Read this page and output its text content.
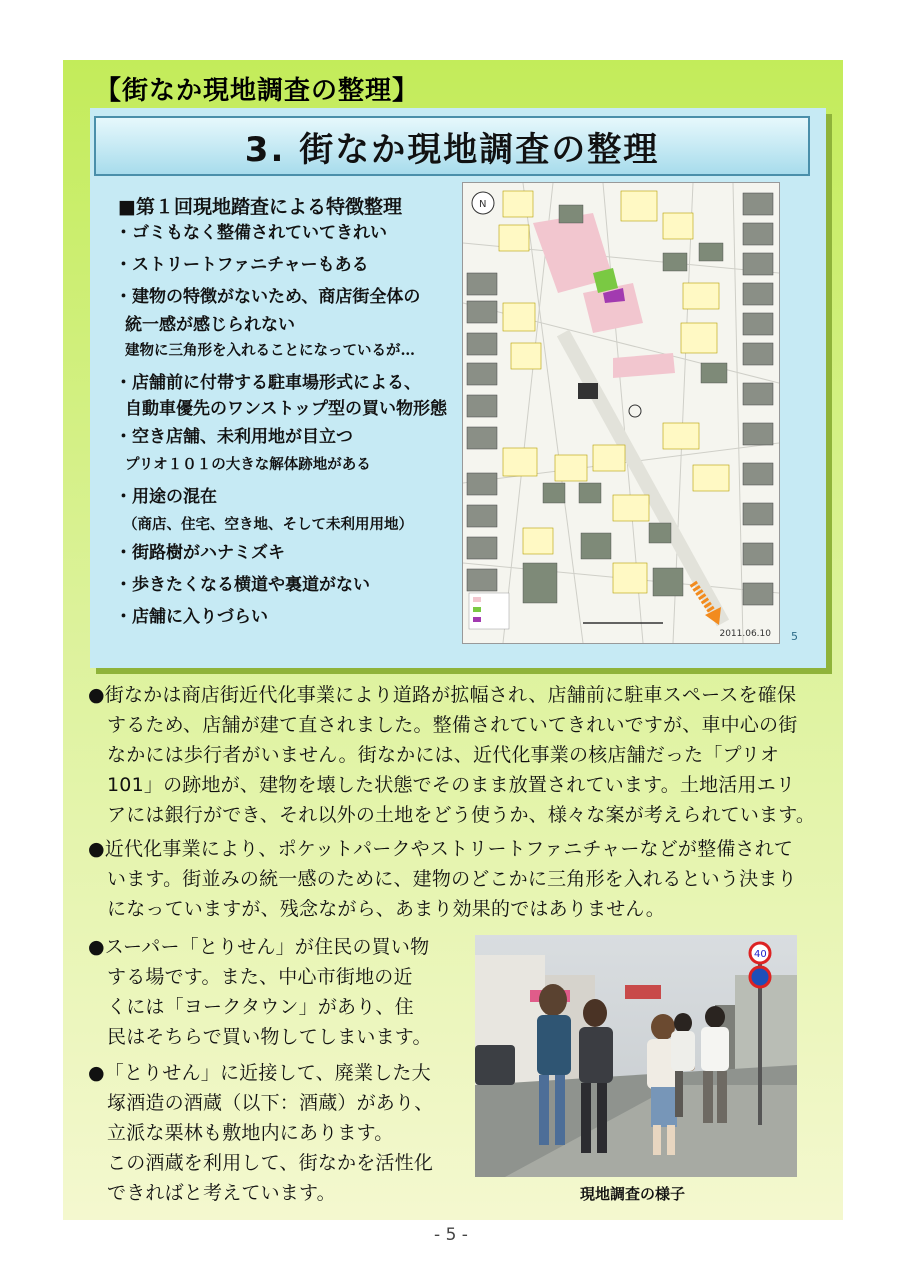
【街なか現地調査の整理】
3. 街なか現地調査の整理
■第１回現地踏査による特徴整理
・ゴミもなく整備されていてきれい
・ストリートファニチャーもある
・建物の特徴がないため、商店街全体の
統一感が感じられない
建物に三角形を入れることになっているが…
・店舗前に付帯する駐車場形式による、
自動車優先のワンストップ型の買い物形態
・空き店舗、未利用地が目立つ
プリオ１０１の大きな解体跡地がある
・用途の混在
（商店、住宅、空き地、そして未利用用地）
・街路樹がハナミズキ
・歩きたくなる横道や裏道がない
・店舗に入りづらい
N
2011.06.10 5

●街なかは商店街近代化事業により道路が拡幅され、店舗前に駐車スペースを確保
するため、店舗が建て直されました。整備されていてきれいですが、車中心の街
なかには歩行者がいません。街なかには、近代化事業の核店舗だった「プリオ
101」の跡地が、建物を壊した状態でそのまま放置されています。土地活用エリ
アには銀行ができ、それ以外の土地をどう使うか、様々な案が考えられています。

●近代化事業により、ポケットパークやストリートファニチャーなどが整備されて
います。街並みの統一感のために、建物のどこかに三角形を入れるという決まり
になっていますが、残念ながら、あまり効果的ではありません。

●スーパー「とりせん」が住民の買い物
する場です。また、中心市街地の近
くには「ヨークタウン」があり、住
民はそちらで買い物してしまいます。

●「とりせん」に近接して、廃業した大
塚酒造の酒蔵（以下：酒蔵）があり、
立派な栗林も敷地内にあります。
この酒蔵を利用して、街なかを活性化
できればと考えています。

40
現地調査の様子
- 5 -
